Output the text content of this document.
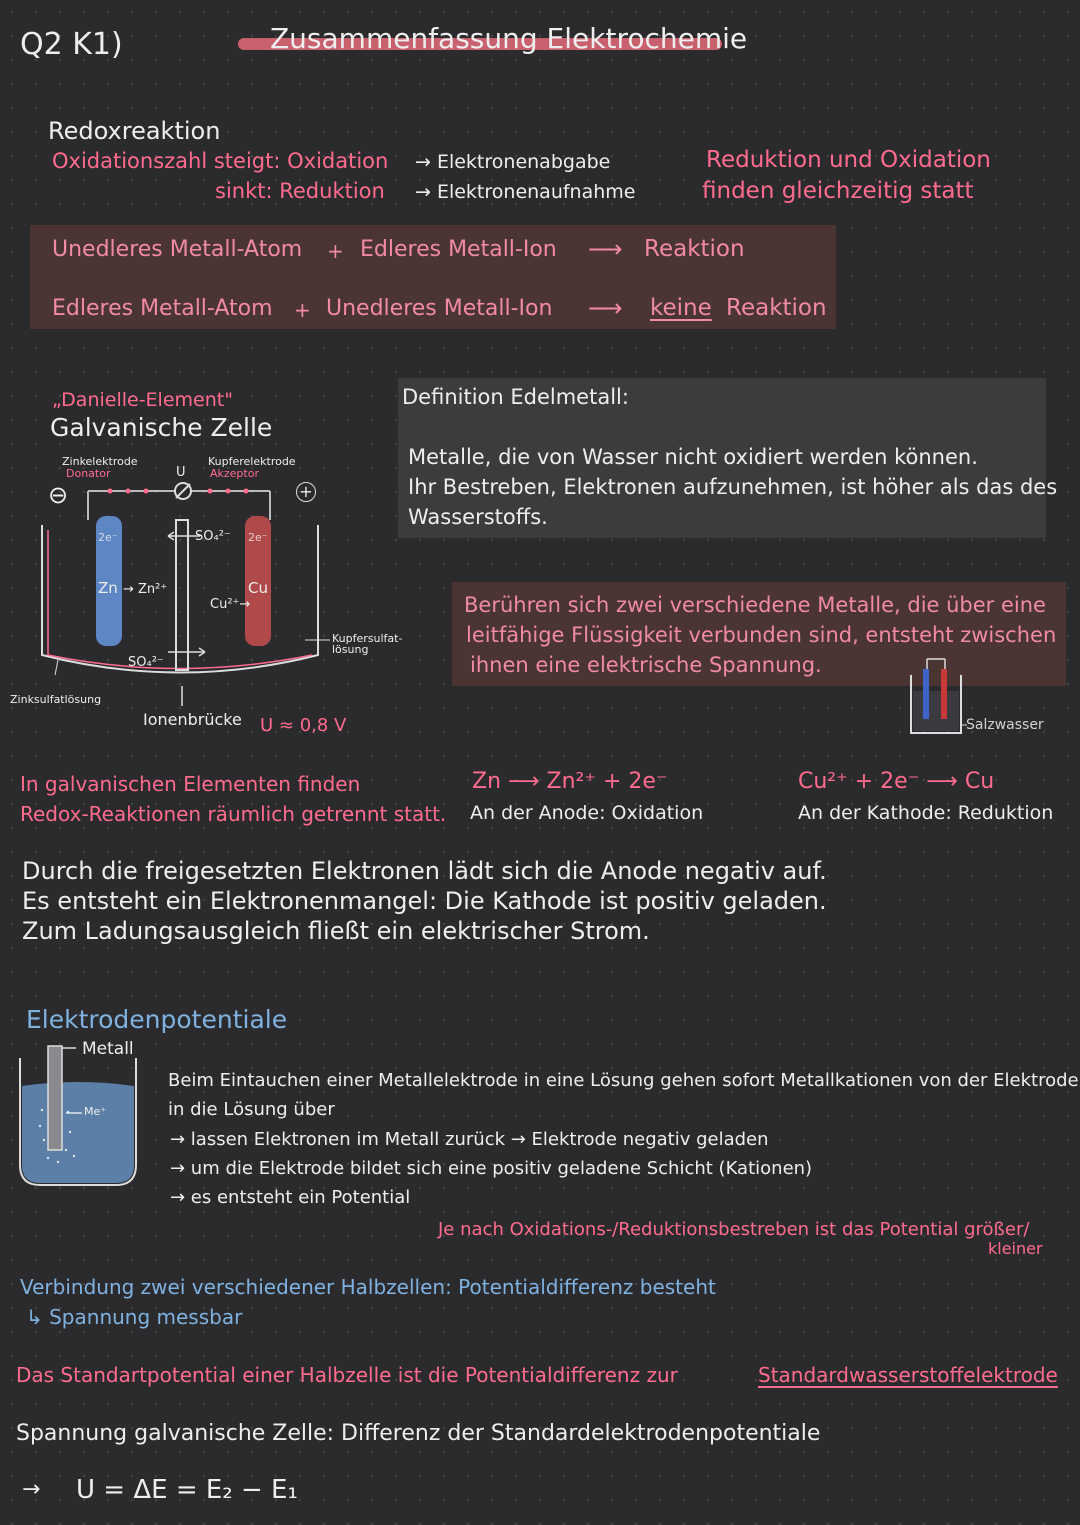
Q2 K1)	Zusammenfassung Elektrochemie
Redoxreaktion
Oxidationszahl steigt: Oxidation → Elektronenabgabe
sinkt: Reduktion → Elektronenaufnahme
Reduktion und Oxidation
finden gleichzeitig statt
Unedleres Metall-Atom + Edleres Metall-Ion ⟶ Reaktion
Edleres Metall-Atom + Unedleres Metall-Ion ⟶ keine Reaktion
„Danielle-Element"
Galvanische Zelle
Zinkelektrode
Donator
Kupferelektrode
Akzeptor
U
⊖	+
2e⁻	2e⁻
SO₄²⁻
Zn → Zn²⁺
Cu²⁺→
Cu
SO₄²⁻
Kupfersulfat-lösung
Zinksulfatlösung
Ionenbrücke U ≈ 0,8 V
Definition Edelmetall:
Metalle, die von Wasser nicht oxidiert werden können.
Ihr Bestreben, Elektronen aufzunehmen, ist höher als das des
Wasserstoffs.
Berühren sich zwei verschiedene Metalle, die über eine
leitfähige Flüssigkeit verbunden sind, entsteht zwischen
ihnen eine elektrische Spannung.
Salzwasser
In galvanischen Elementen finden
Redox-Reaktionen räumlich getrennt statt.
Zn ⟶ Zn²⁺ + 2e⁻
An der Anode: Oxidation
Cu²⁺ + 2e⁻ ⟶ Cu
An der Kathode: Reduktion
Durch die freigesetzten Elektronen lädt sich die Anode negativ auf.
Es entsteht ein Elektronenmangel: Die Kathode ist positiv geladen.
Zum Ladungsausgleich fließt ein elektrischer Strom.
Elektrodenpotentiale
Metall
Me⁺
Beim Eintauchen einer Metallelektrode in eine Lösung gehen sofort Metallkationen von der Elektrode
in die Lösung über
→ lassen Elektronen im Metall zurück → Elektrode negativ geladen
→ um die Elektrode bildet sich eine positiv geladene Schicht (Kationen)
→ es entsteht ein Potential
Je nach Oxidations-/Reduktionsbestreben ist das Potential größer/
kleiner
Verbindung zwei verschiedener Halbzellen: Potentialdifferenz besteht
↳ Spannung messbar
Das Standartpotential einer Halbzelle ist die Potentialdifferenz zur	Standardwasserstoffelektrode
Spannung galvanische Zelle: Differenz der Standardelektrodenpotentiale
→ U = ΔE = E₂ − E₁
